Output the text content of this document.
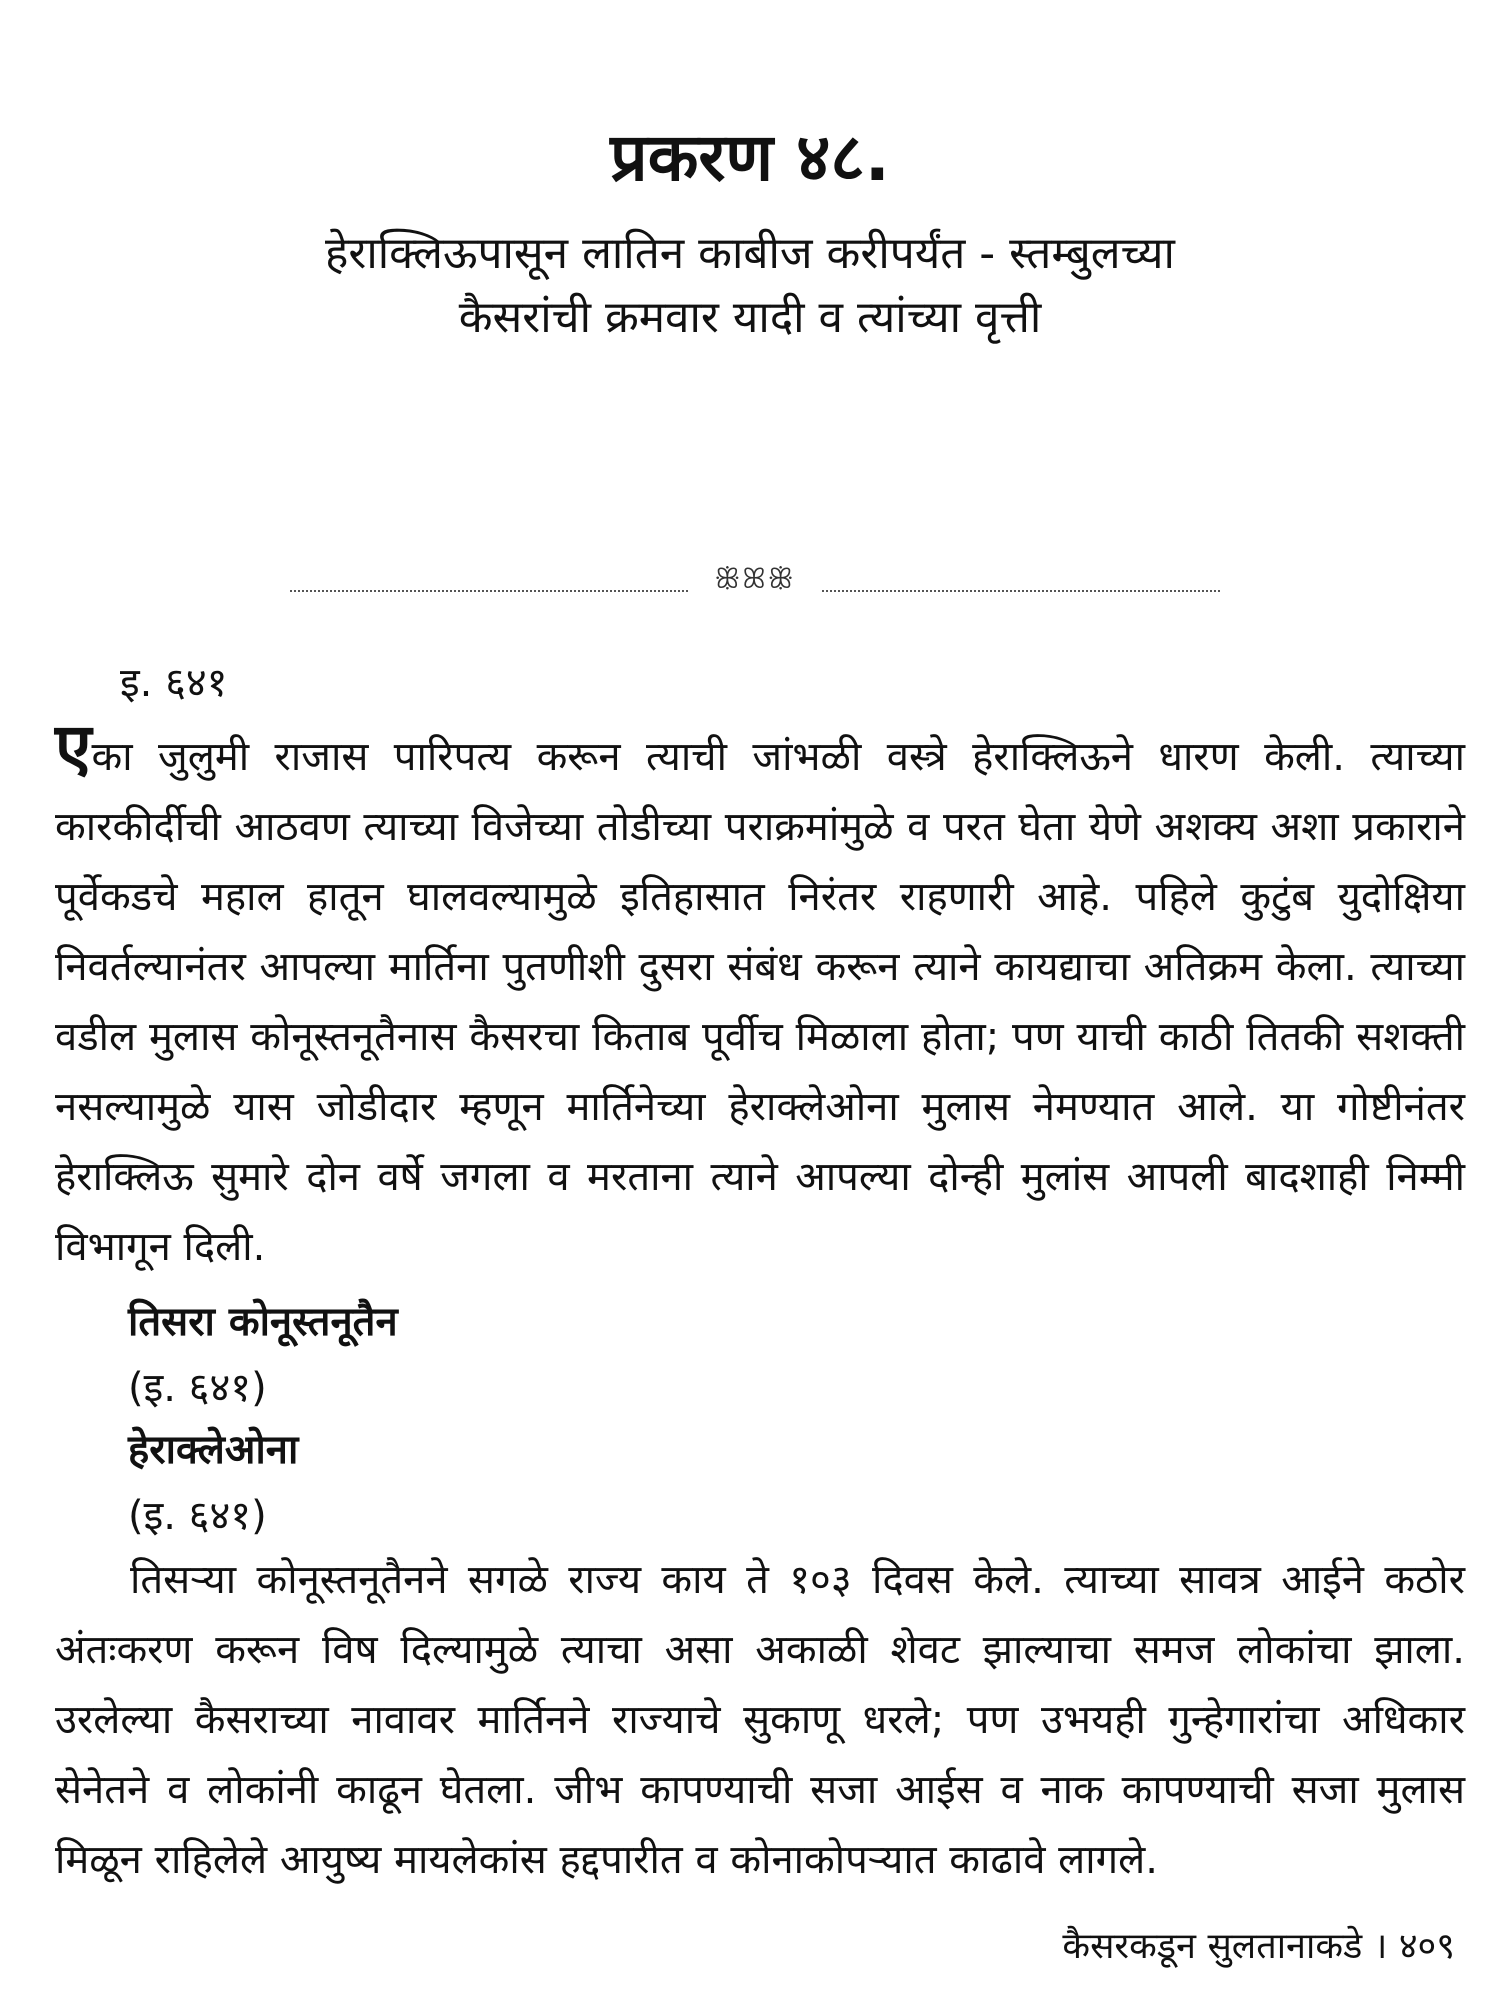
प्रकरण ४८.
हेराक्लिऊपासून लातिन काबीज करीपर्यंत - स्तम्बुलच्या
कैसरांची क्रमवार यादी व त्यांच्या वृत्ती
ꕥꕤꕥ
इ. ६४१
एका जुलुमी राजास पारिपत्य करून त्याची जांभळी वस्त्रे हेराक्लिऊने धारण केली. त्याच्या कारकीर्दीची आठवण त्याच्या विजेच्या तोडीच्या पराक्रमांमुळे व परत घेता येणे अशक्य अशा प्रकाराने पूर्वेकडचे महाल हातून घालवल्यामुळे इतिहासात निरंतर राहणारी आहे. पहिले कुटुंब युदोक्षिया निवर्तल्यानंतर आपल्या मार्तिना पुतणीशी दुसरा संबंध करून त्याने कायद्याचा अतिक्रम केला. त्याच्या वडील मुलास कोनूस्तनूतैनास कैसरचा किताब पूर्वीच मिळाला होता; पण याची काठी तितकी सशक्ती नसल्यामुळे यास जोडीदार म्हणून मार्तिनेच्या हेराक्लेओना मुलास नेमण्यात आले. या गोष्टीनंतर हेराक्लिऊ सुमारे दोन वर्षे जगला व मरताना त्याने आपल्या दोन्ही मुलांस आपली बादशाही निम्मी विभागून दिली.
तिसरा कोनूस्तनूतैन
(इ. ६४१)
हेराक्लेओना
(इ. ६४१)
तिसऱ्या कोनूस्तनूतैनने सगळे राज्य काय ते १०३ दिवस केले. त्याच्या सावत्र आईने कठोर अंतःकरण करून विष दिल्यामुळे त्याचा असा अकाळी शेवट झाल्याचा समज लोकांचा झाला. उरलेल्या कैसराच्या नावावर मार्तिनने राज्याचे सुकाणू धरले; पण उभयही गुन्हेगारांचा अधिकार सेनेतने व लोकांनी काढून घेतला. जीभ कापण्याची सजा आईस व नाक कापण्याची सजा मुलास मिळून राहिलेले आयुष्य मायलेकांस हद्दपारीत व कोनाकोपऱ्यात काढावे लागले.
कैसरकडून सुलतानाकडे । ४०९
